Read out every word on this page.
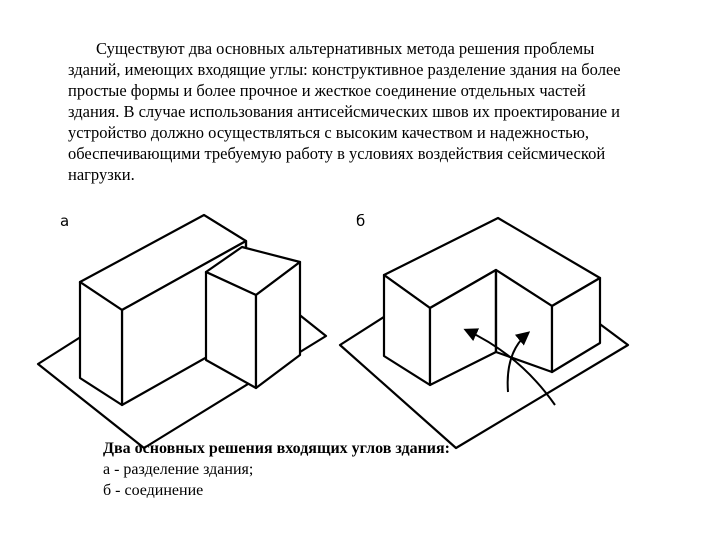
Существуют два основных альтернативных метода решения проблемы
зданий, имеющих входящие углы: конструктивное разделение здания на более
простые формы и более прочное и жесткое соединение отдельных частей
здания. В случае использования антисейсмических швов их проектирование и
устройство должно осуществляться с высоким качеством и надежностью,
обеспечивающими требуемую работу в условиях воздействия сейсмической
нагрузки.
а	б
Два основных решения входящих углов здания:
а - разделение здания;
б - соединение
